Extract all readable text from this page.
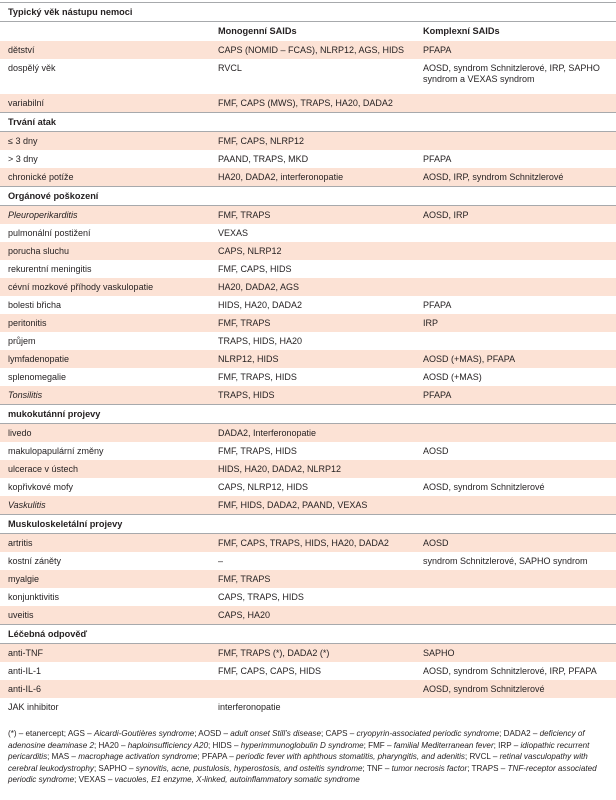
Typický věk nástupu nemoci		
	Monogenní SAIDs	Komplexní SAIDs
dětství	CAPS (NOMID – FCAS), NLRP12, AGS, HIDS	PFAPA
dospělý věk	RVCL	AOSD, syndrom Schnitzlerové, IRP, SAPHO syndrom a VEXAS syndrom
variabilní	FMF, CAPS (MWS), TRAPS, HA20, DADA2	
Trvání atak		
≤ 3 dny	FMF, CAPS, NLRP12	
> 3 dny	PAAND, TRAPS, MKD	PFAPA
chronické potíže	HA20, DADA2, interferonopatie	AOSD, IRP, syndrom Schnitzlerové
Orgánové poškození		
Pleuroperikarditis	FMF, TRAPS	AOSD, IRP
pulmonální postižení	VEXAS	
porucha sluchu	CAPS, NLRP12	
rekurentní meningitis	FMF, CAPS, HIDS	
cévní mozkové příhody vaskulopatie	HA20, DADA2, AGS	
bolesti břicha	HIDS, HA20, DADA2	PFAPA
peritonitis	FMF, TRAPS	IRP
průjem	TRAPS, HIDS, HA20	
lymfadenopatie	NLRP12, HIDS	AOSD (+MAS), PFAPA
splenomegalie	FMF, TRAPS, HIDS	AOSD (+MAS)
Tonsilitis	TRAPS, HIDS	PFAPA
mukokutánní projevy		
livedo	DADA2, Interferonopatie	
makulopapulární změny	FMF, TRAPS, HIDS	AOSD
ulcerace v ústech	HIDS, HA20, DADA2, NLRP12	
kopřivkové mofy	CAPS, NLRP12, HIDS	AOSD, syndrom Schnitzlerové
Vaskulitis	FMF, HIDS, DADA2, PAAND, VEXAS	
Muskuloskeletální projevy		
artritis	FMF, CAPS, TRAPS, HIDS, HA20, DADA2	AOSD
kostní záněty	–	syndrom Schnitzlerové, SAPHO syndrom
myalgie	FMF, TRAPS	
konjunktivitis	CAPS, TRAPS, HIDS	
uveitis	CAPS, HA20	
Léčebná odpověď		
anti-TNF	FMF, TRAPS (*), DADA2 (*)	SAPHO
anti-IL-1	FMF, CAPS, CAPS, HIDS	AOSD, syndrom Schnitzlerové, IRP, PFAPA
anti-IL-6		AOSD, syndrom Schnitzlerové
JAK inhibitor	interferonopatie	
(*) – etanercept; AGS – Aicardi-Goutières syndrome; AOSD – adult onset Still’s disease; CAPS – cryopyrin-associated periodic syndrome; DADA2 – deficiency of adenosine deaminase 2; HA20 – haploinsufficiency A20; HIDS – hyperimmunoglobulin D syndrome; FMF – familial Mediterranean fever; IRP – idiopathic recurrent pericarditis; MAS – macrophage activation syndrome; PFAPA – periodic fever with aphthous stomatitis, pharyngitis, and adenitis; RVCL – retinal vasculopathy with cerebral leukodystrophy; SAPHO – synovitis, acne, pustulosis, hyperostosis, and osteitis syndrome; TNF – tumor necrosis factor; TRAPS – TNF-receptor associated periodic syndrome; VEXAS – vacuoles, E1 enzyme, X-linked, autoinflammatory somatic syndrome
